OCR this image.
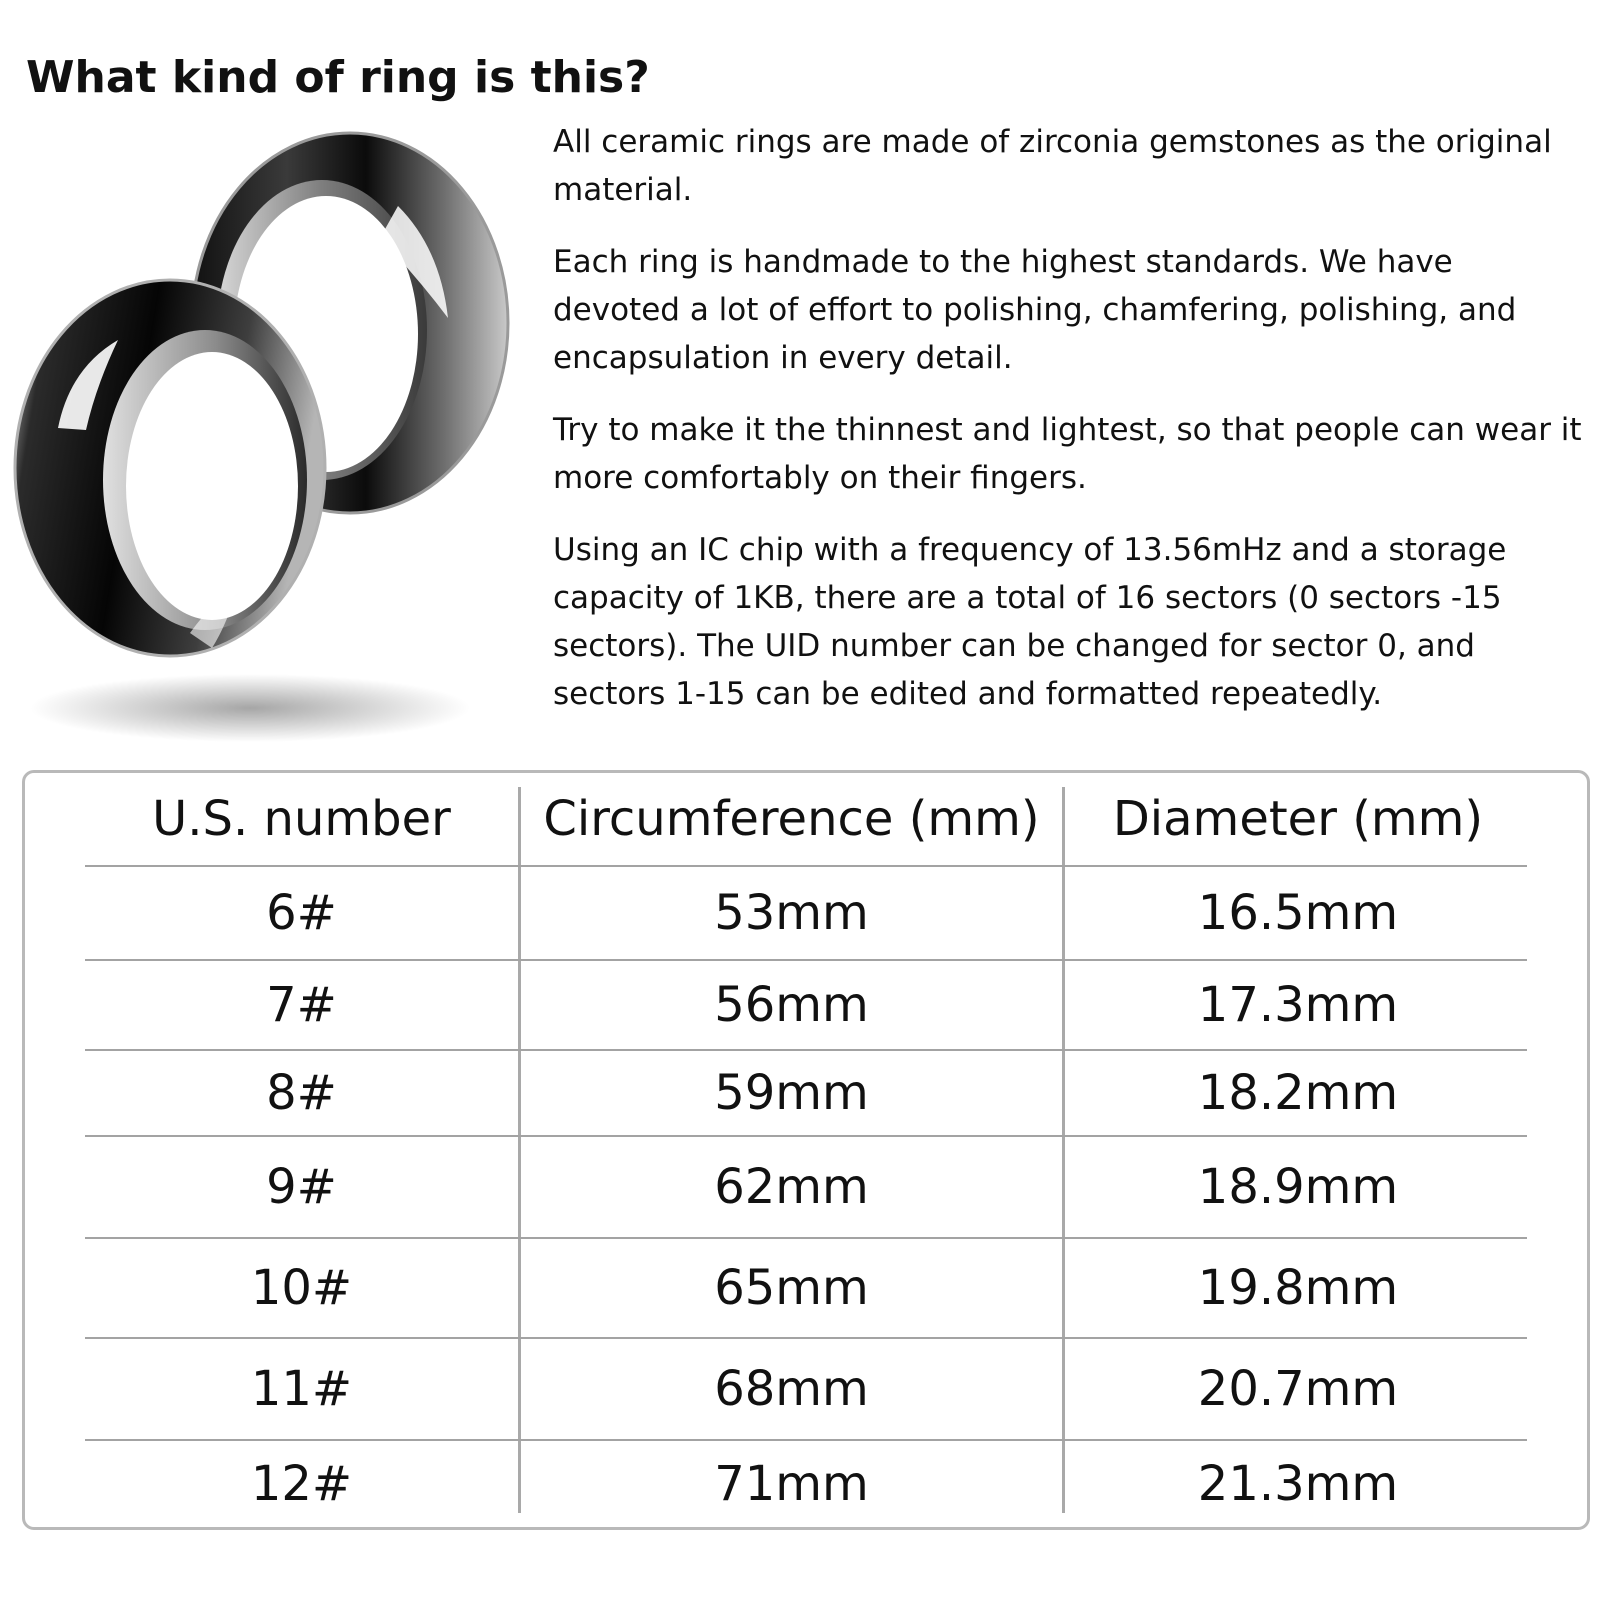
What kind of ring is this?

All ceramic rings are made of zirconia gemstones as the original material.

Each ring is handmade to the highest standards. We have devoted a lot of effort to polishing, chamfering, polishing, and encapsulation in every detail.

Try to make it the thinnest and lightest, so that people can wear it more comfortably on their fingers.

Using an IC chip with a frequency of 13.56mHz and a storage capacity of 1KB, there are a total of 16 sectors (0 sectors -15 sectors). The UID number can be changed for sector 0, and sectors 1-15 can be edited and formatted repeatedly.

U.S. number	Circumference (mm)	Diameter (mm)
6#	53mm	16.5mm
7#	56mm	17.3mm
8#	59mm	18.2mm
9#	62mm	18.9mm
10#	65mm	19.8mm
11#	68mm	20.7mm
12#	71mm	21.3mm
